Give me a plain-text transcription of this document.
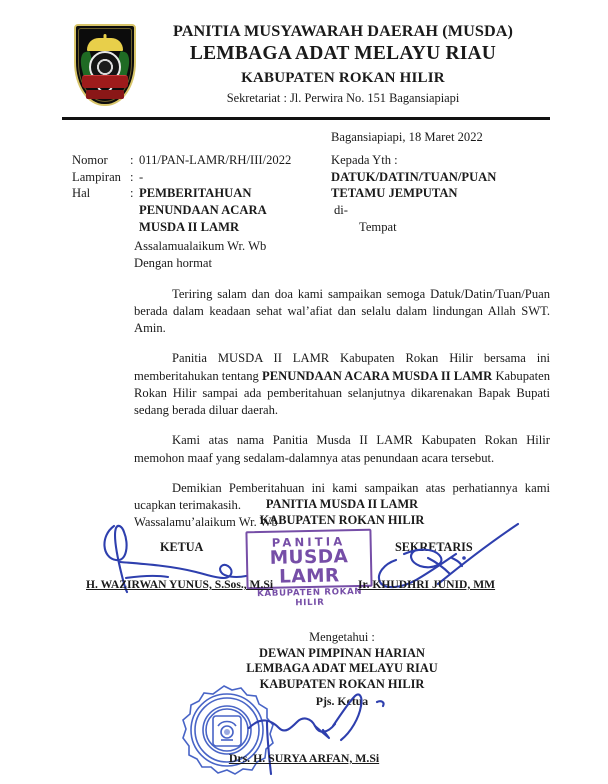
PANITIA MUSYAWARAH DAERAH (MUSDA)
LEMBAGA ADAT MELAYU RIAU
KABUPATEN ROKAN HILIR
Sekretariat : Jl. Perwira No. 151 Bagansiapiapi
Bagansiapiapi, 18 Maret 2022
Nomor	: 011/PAN-LAMR/RH/III/2022
Lampiran : -
Hal	: PEMBERITAHUAN
PENUNDAAN ACARA
MUSDA II LAMR
Kepada Yth :
DATUK/DATIN/TUAN/PUAN
TETAMU JEMPUTAN
di-
Tempat
Assalamualaikum Wr. Wb
Dengan hormat
Teriring salam dan doa kami sampaikan semoga Datuk/Datin/Tuan/Puan berada dalam keadaan sehat wal’afiat dan selalu dalam lindungan Allah SWT. Amin.
Panitia MUSDA II LAMR Kabupaten Rokan Hilir bersama ini memberitahukan tentang PENUNDAAN ACARA MUSDA II LAMR Kabupaten Rokan Hilir sampai ada pemberitahuan selanjutnya dikarenakan Bapak Bupati sedang berada diluar daerah.
Kami atas nama Panitia Musda II LAMR Kabupaten Rokan Hilir memohon maaf yang sedalam-dalamnya atas penundaan acara tersebut.
Demikian Pemberitahuan ini kami sampaikan atas perhatiannya kami ucapkan terimakasih.
Wassalamu’alaikum Wr. Wb
PANITIA MUSDA II LAMR
KABUPATEN ROKAN HILIR
KETUA	SEKRETARIS
PANITIA
MUSDA LAMR
KABUPATEN ROKAN HILIR
H. WAZIRWAN YUNUS, S.Sos., M.Si	Ir. KHUDHRI JUNID, MM
Mengetahui :
DEWAN PIMPINAN HARIAN
LEMBAGA ADAT MELAYU RIAU
KABUPATEN ROKAN HILIR
Pjs. Ketua
Drs. H. SURYA ARFAN, M.Si
